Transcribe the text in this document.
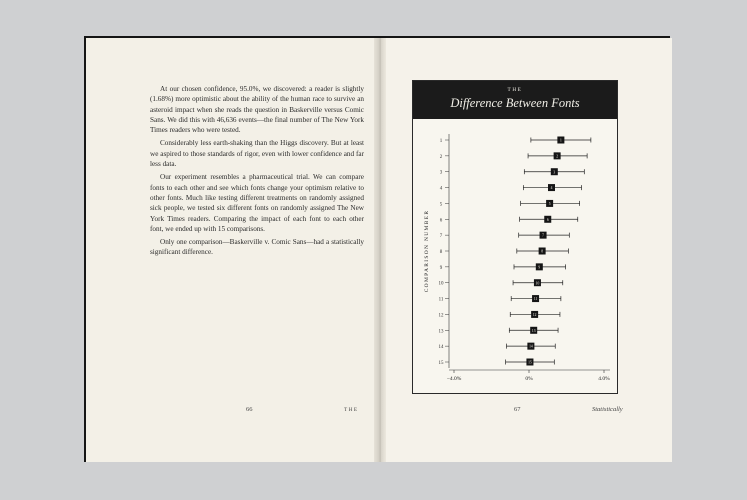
At our chosen confidence, 95.0%, we discovered: a reader is slightly (1.68%) more optimistic about the ability of the human race to survive an asteroid impact when she reads the question in Baskerville versus Comic Sans. We did this with 46,636 events—the final number of The New York Times readers who were tested.

Considerably less earth-shaking than the Higgs discovery. But at least we aspired to those standards of rigor, even with lower confidence and far less data.

Our experiment resembles a pharmaceutical trial. We can compare fonts to each other and see which fonts change your optimism relative to other fonts. Much like testing different treatments on randomly assigned sick people, we tested six different fonts on randomly assigned The New York Times readers. Comparing the impact of each font to each other font, we ended up with 15 comparisons.

Only one comparison—Baskerville v. Comic Sans—had a statistically significant difference.

66	THE
THE
Difference Between Fonts
COMPARISON NUMBER
−4.0%	0%	4.0%
1	1
2	2
3	3
4	4
5	5
6	6
7	7
8	8
9	9
10	10
11	11
12	12
13	13
14	14
15	15
67	Statistically
